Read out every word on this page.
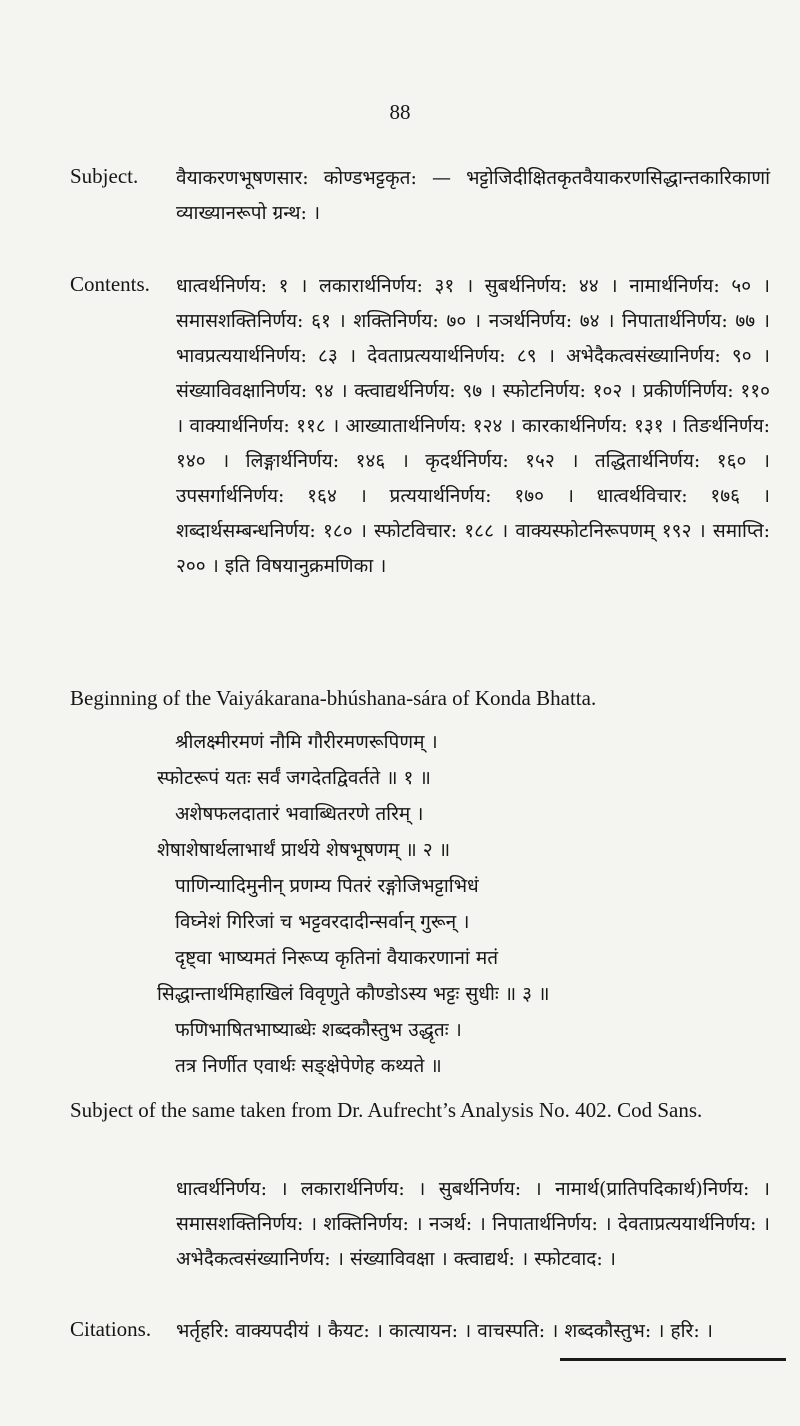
88
Subject. वैयाकरणभूषणसार: कोण्डभट्टकृत: — भट्टोजिदीक्षितकृतवैयाकरणसिद्धान्तकारिकाणां व्याख्यानरूपो ग्रन्थ: ।
Contents. धात्वर्थनिर्णय: १ । लकारार्थनिर्णय: ३१ । सुबर्थनिर्णय: ४४ । नामार्थनिर्णय: ५० । समासशक्तिनिर्णय: ६१ । शक्तिनिर्णय: ७० । नञर्थनिर्णय: ७४ । निपातार्थनिर्णय: ७७ । भावप्रत्ययार्थनिर्णय: ८३ । देवताप्रत्ययार्थनिर्णय: ८९ । अभेदैकत्वसंख्यानिर्णय: ९० । संख्याविवक्षानिर्णय: ९४ । क्त्वाद्यर्थनिर्णय: ९७ । स्फोटनिर्णय: १०२ । प्रकीर्णनिर्णय: ११० । वाक्यार्थनिर्णय: ११८ । आख्यातार्थनिर्णय: १२४ । कारकार्थनिर्णय: १३१ । तिङर्थनिर्णय: १४० । लिङ्गार्थनिर्णय: १४६ । कृदर्थनिर्णय: १५२ । तद्धितार्थनिर्णय: १६० । उपसर्गार्थनिर्णय: १६४ । प्रत्ययार्थनिर्णय: १७० । धात्वर्थविचार: १७६ । शब्दार्थसम्बन्धनिर्णय: १८० । स्फोटविचार: १८८ । वाक्यस्फोटनिरूपणम् १९२ । समाप्ति: २०० । इति विषयानुक्रमणिका ।
Beginning of the Vaiyákarana-bhúshana-sára of Konda Bhatta.

श्रीलक्ष्मीरमणं नौमि गौरीरमणरूपिणम् ।

स्फोटरूपं यतः सर्वं जगदेतद्विवर्तते ॥ १ ॥

अशेषफलदातारं भवाब्धितरणे तरिम् ।

शेषाशेषार्थलाभार्थं प्रार्थये शेषभूषणम् ॥ २ ॥

पाणिन्यादिमुनीन् प्रणम्य पितरं रङ्गोजिभट्टाभिधं

विघ्नेशं गिरिजां च भट्टवरदादीन्सर्वान् गुरून् ।

दृष्ट्वा भाष्यमतं निरूप्य कृतिनां वैयाकरणानां मतं

सिद्धान्तार्थमिहाखिलं विवृणुते कौण्डोऽस्य भट्टः सुधीः ॥ ३ ॥

फणिभाषितभाष्याब्धेः शब्दकौस्तुभ उद्धृतः ।

तत्र निर्णीत एवार्थः सङ्क्षेपेणेह कथ्यते ॥

Subject of the same taken from Dr. Aufrecht’s Analysis No. 402. Cod Sans.
धात्वर्थनिर्णय: । लकारार्थनिर्णय: । सुबर्थनिर्णय: । नामार्थ(प्रातिपदिकार्थ)निर्णय: । समासशक्तिनिर्णय: । शक्तिनिर्णय: । नञर्थ: । निपातार्थनिर्णय: । देवताप्रत्ययार्थनिर्णय: । अभेदैकत्वसंख्यानिर्णय: । संख्याविवक्षा । क्त्वाद्यर्थ: । स्फोटवाद: ।
Citations. भर्तृहरि: वाक्यपदीयं । कैयट: । कात्यायन: । वाचस्पति: । शब्दकौस्तुभ: । हरि: ।
